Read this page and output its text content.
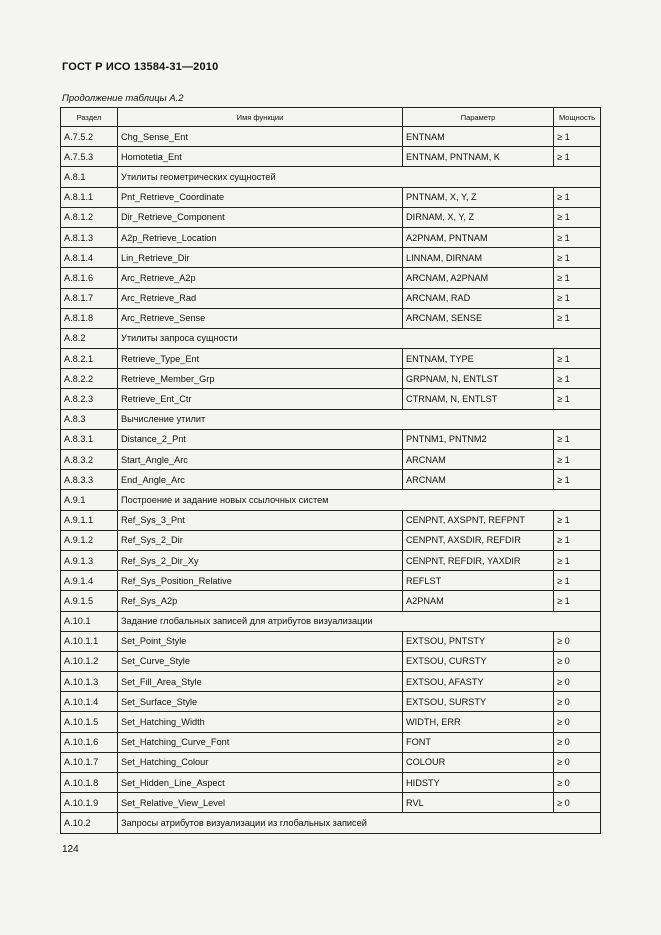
ГОСТ Р ИСО 13584-31—2010
Продолжение таблицы А.2
Раздел	Имя функции	Параметр	Мощность
A.7.5.2	Chg_Sense_Ent	ENTNAM	≥ 1
A.7.5.3	Homotetia_Ent	ENTNAM, PNTNAM, K	≥ 1
A.8.1	Утилиты геометрических сущностей		
A.8.1.1	Pnt_Retrieve_Coordinate	PNTNAM, X, Y, Z	≥ 1
A.8.1.2	Dir_Retrieve_Component	DIRNAM, X, Y, Z	≥ 1
A.8.1.3	A2p_Retrieve_Location	A2PNAM, PNTNAM	≥ 1
A.8.1.4	Lin_Retrieve_Dir	LINNAM, DIRNAM	≥ 1
A.8.1.6	Arc_Retrieve_A2p	ARCNAM, A2PNAM	≥ 1
A.8.1.7	Arc_Retrieve_Rad	ARCNAM, RAD	≥ 1
A.8.1.8	Arc_Retrieve_Sense	ARCNAM, SENSE	≥ 1
A.8.2	Утилиты запроса сущности		
A.8.2.1	Retrieve_Type_Ent	ENTNAM, TYPE	≥ 1
A.8.2.2	Retrieve_Member_Grp	GRPNAM, N, ENTLST	≥ 1
A.8.2.3	Retrieve_Ent_Ctr	CTRNAM, N, ENTLST	≥ 1
A.8.3	Вычисление утилит		
A.8.3.1	Distance_2_Pnt	PNTNM1, PNTNM2	≥ 1
A.8.3.2	Start_Angle_Arc	ARCNAM	≥ 1
A.8.3.3	End_Angle_Arc	ARCNAM	≥ 1
A.9.1	Построение и задание новых ссылочных систем		
A.9.1.1	Ref_Sys_3_Pnt	CENPNT, AXSPNT, REFPNT	≥ 1
A.9.1.2	Ref_Sys_2_Dir	CENPNT, AXSDIR, REFDIR	≥ 1
A.9.1.3	Ref_Sys_2_Dir_Xy	CENPNT, REFDIR, YAXDIR	≥ 1
A.9.1.4	Ref_Sys_Position_Relative	REFLST	≥ 1
A.9.1.5	Ref_Sys_A2p	A2PNAM	≥ 1
A.10.1	Задание глобальных записей для атрибутов визуализации		
A.10.1.1	Set_Point_Style	EXTSOU, PNTSTY	≥ 0
A.10.1.2	Set_Curve_Style	EXTSOU, CURSTY	≥ 0
A.10.1.3	Set_Fill_Area_Style	EXTSOU, AFASTY	≥ 0
A.10.1.4	Set_Surface_Style	EXTSOU, SURSTY	≥ 0
A.10.1.5	Set_Hatching_Width	WIDTH, ERR	≥ 0
A.10.1.6	Set_Hatching_Curve_Font	FONT	≥ 0
A.10.1.7	Set_Hatching_Colour	COLOUR	≥ 0
A.10.1.8	Set_Hidden_Line_Aspect	HIDSTY	≥ 0
A.10.1.9	Set_Relative_View_Level	RVL	≥ 0
A.10.2	Запросы атрибутов визуализации из глобальных записей		
124
